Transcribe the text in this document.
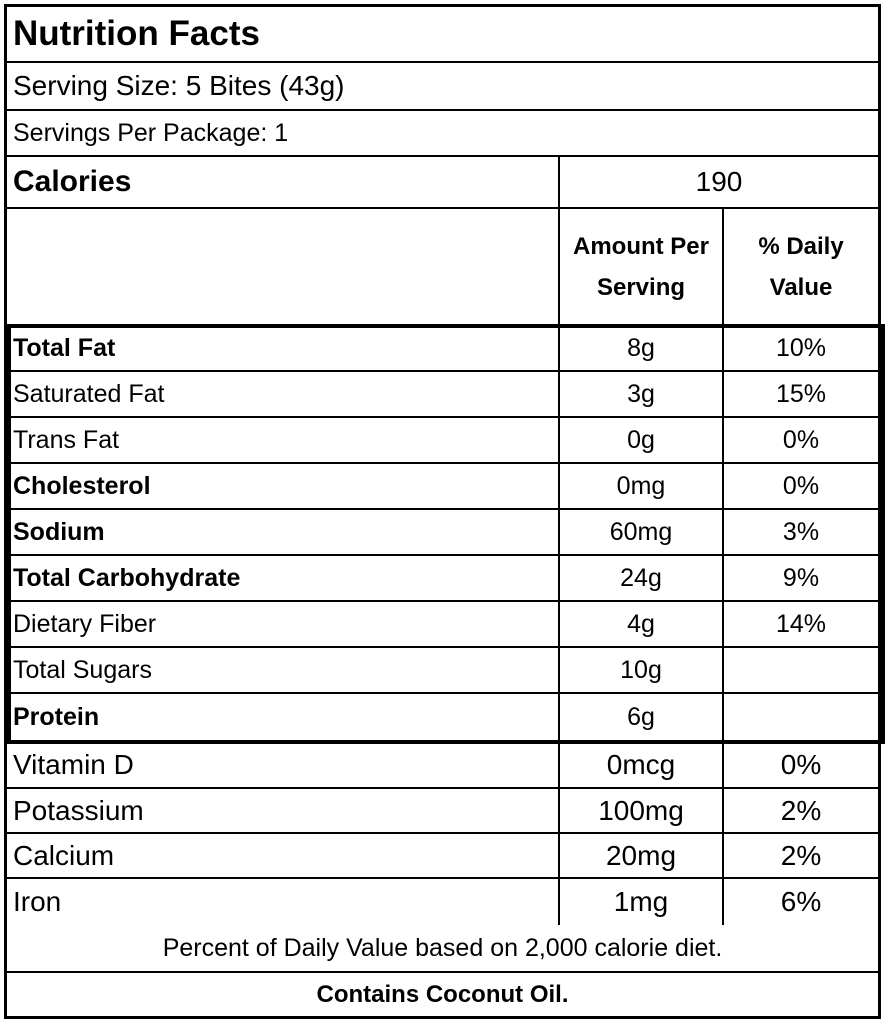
Nutrition Facts
Serving Size: 5 Bites (43g)
Servings Per Package: 1
Calories	190
Amount Per Serving
% Daily Value
Total Fat	8g	10%
Saturated Fat	3g	15%
Trans Fat	0g	0%
Cholesterol	0mg	0%
Sodium	60mg	3%
Total Carbohydrate	24g	9%
Dietary Fiber	4g	14%
Total Sugars	10g
Protein	6g
Vitamin D	0mcg	0%
Potassium	100mg	2%
Calcium	20mg	2%
Iron	1mg	6%
Percent of Daily Value based on 2,000 calorie diet.
Contains Coconut Oil.
